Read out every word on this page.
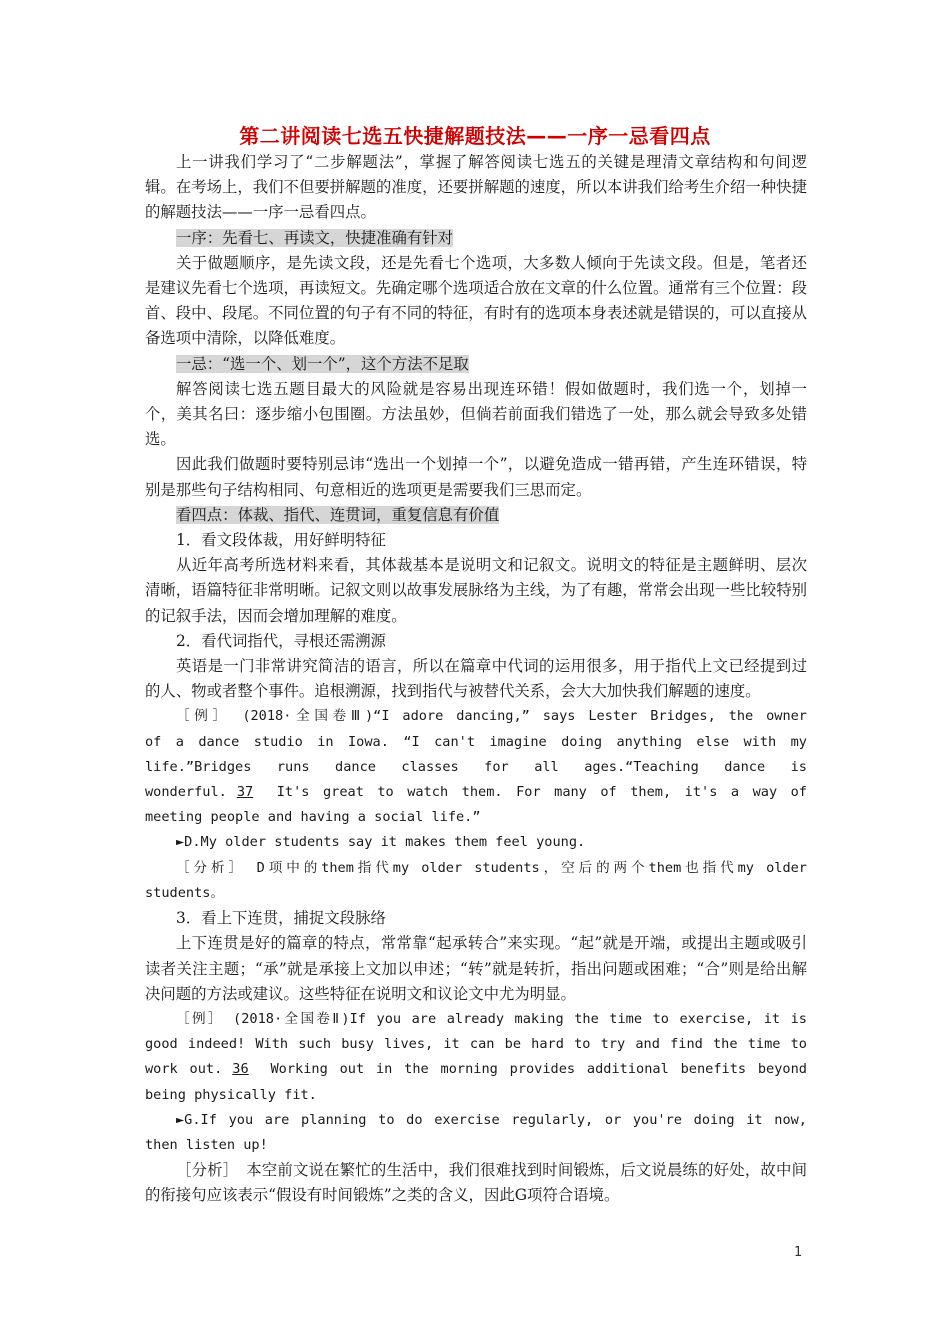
第二讲阅读七选五快捷解题技法——一序一忌看四点

上一讲我们学习了“二步解题法”，掌握了解答阅读七选五的关键是理清文章结构和句间逻辑。在考场上，我们不但要拼解题的准度，还要拼解题的速度，所以本讲我们给考生介绍一种快捷的解题技法——一序一忌看四点。

一序：先看七、再读文，快捷准确有针对

关于做题顺序，是先读文段，还是先看七个选项，大多数人倾向于先读文段。但是，笔者还是建议先看七个选项，再读短文。先确定哪个选项适合放在文章的什么位置。通常有三个位置：段首、段中、段尾。不同位置的句子有不同的特征，有时有的选项本身表述就是错误的，可以直接从备选项中清除，以降低难度。

一忌：“选一个、划一个”，这个方法不足取

解答阅读七选五题目最大的风险就是容易出现连环错！假如做题时，我们选一个，划掉一个，美其名曰：逐步缩小包围圈。方法虽妙，但倘若前面我们错选了一处，那么就会导致多处错选。

因此我们做题时要特别忌讳“选出一个划掉一个”，以避免造成一错再错，产生连环错误，特别是那些句子结构相同、句意相近的选项更是需要我们三思而定。

看四点：体裁、指代、连贯词，重复信息有价值

1．看文段体裁，用好鲜明特征

从近年高考所选材料来看，其体裁基本是说明文和记叙文。说明文的特征是主题鲜明、层次清晰，语篇特征非常明晰。记叙文则以故事发展脉络为主线，为了有趣，常常会出现一些比较特别的记叙手法，因而会增加理解的难度。

2．看代词指代，寻根还需溯源

英语是一门非常讲究简洁的语言，所以在篇章中代词的运用很多，用于指代上文已经提到过的人、物或者整个事件。追根溯源，找到指代与被替代关系，会大大加快我们解题的速度。

［例］　(2018·全国卷Ⅲ)“I adore dancing,” says Lester Bridges, the owner

of a dance studio in Iowa. “I can't imagine doing anything else with my

life.”Bridges runs dance classes for all ages.“Teaching dance is

wonderful. 37 It's great to watch them. For many of them, it's a way of

meeting people and having a social life.”

►D.My older students say it makes them feel young.

［分析］　D项中的them指代my older students，空后的两个them也指代my older

students。

3．看上下连贯，捕捉文段脉络

上下连贯是好的篇章的特点，常常靠“起承转合”来实现。“起”就是开端，或提出主题或吸引读者关注主题；“承”就是承接上文加以申述；“转”就是转折，指出问题或困难；“合”则是给出解决问题的方法或建议。这些特征在说明文和议论文中尤为明显。

［例］　(2018·全国卷Ⅱ)If you are already making the time to exercise, it is

good indeed! With such busy lives, it can be hard to try and find the time to

work out. 36 Working out in the morning provides additional benefits beyond

being physically fit.

►G.If you are planning to do exercise regularly, or you're doing it now,

then listen up!

［分析］　本空前文说在繁忙的生活中，我们很难找到时间锻炼，后文说晨练的好处，故中间的衔接句应该表示“假设有时间锻炼”之类的含义，因此G项符合语境。

1
